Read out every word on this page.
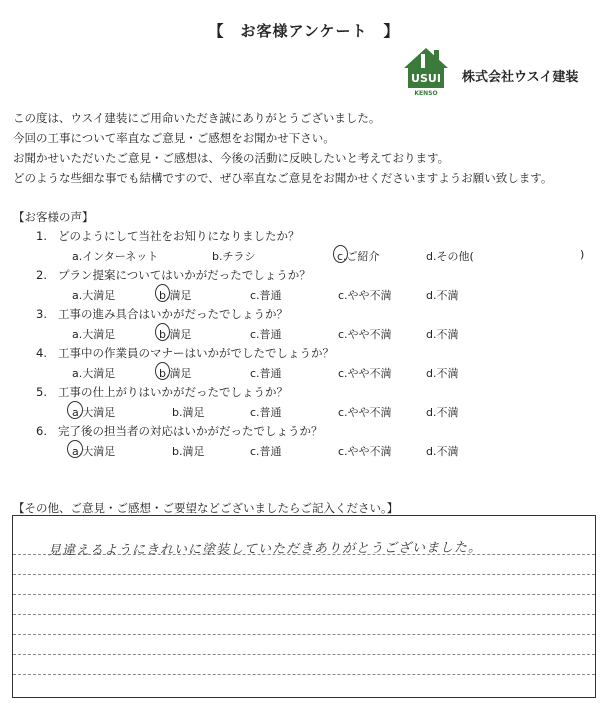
【　お客様アンケート　】
USUI
KENSO
株式会社ウスイ建装
この度は、ウスイ建装にご用命いただき誠にありがとうございました。
今回の工事について率直なご意見・ご感想をお聞かせ下さい。
お聞かせいただいたご意見・ご感想は、今後の活動に反映したいと考えております。
どのような些細な事でも結構ですので、ぜひ率直なご意見をお聞かせくださいますようお願い致します。
【お客様の声】
1. どのようにして当社をお知りになりましたか？
a.インターネット	b.チラシ	c.ご紹介	d.その他(	)
2. プラン提案についてはいかがだったでしょうか？
a.大満足	b.満足	c.普通	c.やや不満	d.不満
3. 工事の進み具合はいかがだったでしょうか？
a.大満足	b.満足	c.普通	c.やや不満	d.不満
4. 工事中の作業員のマナーはいかがでしたでしょうか？
a.大満足	b.満足	c.普通	c.やや不満	d.不満
5. 工事の仕上がりはいかがだったでしょうか？
a.大満足	b.満足	c.普通	c.やや不満	d.不満
6. 完了後の担当者の対応はいかがだったでしょうか？
a.大満足	b.満足	c.普通	c.やや不満	d.不満
【その他、ご意見・ご感想・ご要望などございましたらご記入ください。】
見違えるようにきれいに塗装していただきありがとうございました。
